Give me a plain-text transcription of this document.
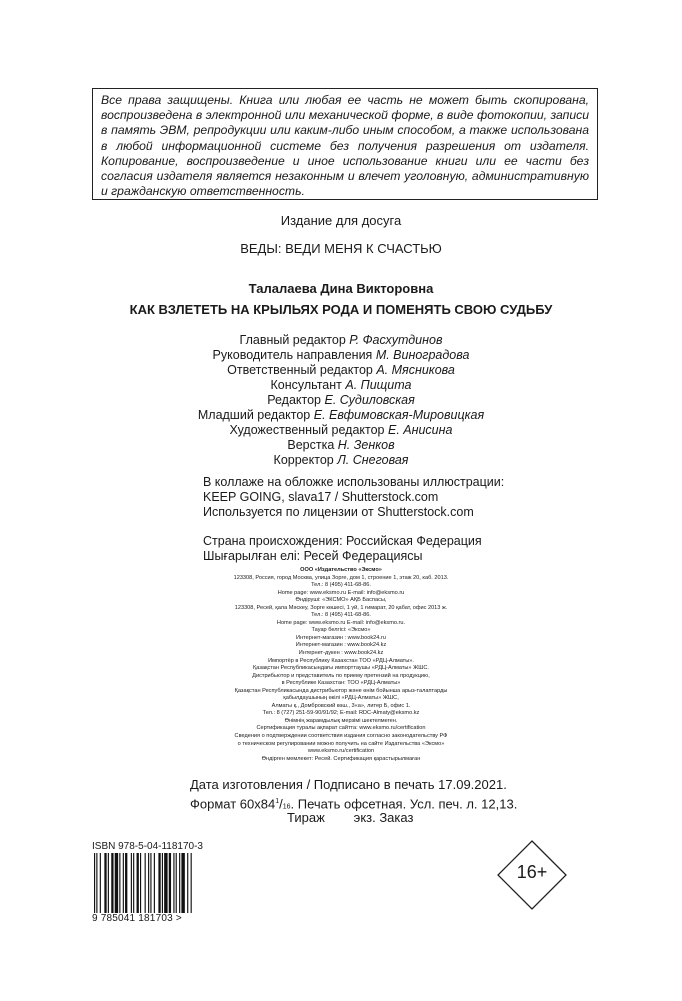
Все права защищены. Книга или любая ее часть не может быть скопирована, воспроизведена в электронной или механической форме, в виде фотокопии, записи в память ЭВМ, репродукции или каким-либо иным способом, а также использована в любой информационной системе без получения разрешения от издателя. Копирование, воспроизведение и иное использование книги или ее части без согласия издателя является незаконным и влечет уголовную, административную и гражданскую ответственность.
Издание для досуга
ВЕДЫ: ВЕДИ МЕНЯ К СЧАСТЬЮ
Талалаева Дина Викторовна
КАК ВЗЛЕТЕТЬ НА КРЫЛЬЯХ РОДА И ПОМЕНЯТЬ СВОЮ СУДЬБУ
Главный редактор Р. Фасхутдинов
Руководитель направления М. Виноградова
Ответственный редактор А. Мясникова
Консультант А. Пищита
Редактор Е. Судиловская
Младший редактор Е. Евфимовская-Мировицкая
Художественный редактор Е. Анисина
Верстка Н. Зенков
Корректор Л. Снеговая
В коллаже на обложке использованы иллюстрации:
KEEP GOING, slava17 / Shutterstock.com
Используется по лицензии от Shutterstock.com
Страна происхождения: Российская Федерация
Шығарылған елі: Ресей Федерациясы
ООО «Издательство «Эксмо»
123308, Россия, город Москва, улица Зорге, дом 1, строение 1, этаж 20, каб. 2013.
Тел.: 8 (495) 411-68-86.
Home page: www.eksmo.ru E-mail: info@eksmo.ru
Өндіруші: «ЭКСМО» АҚБ Баспасы,
123308, Ресей, қала Мәскеу, Зорге көшесі, 1 үй, 1 ғимарат, 20 қабат, офис 2013 ж.
Тел.: 8 (495) 411-68-86.
Home page: www.eksmo.ru E-mail: info@eksmo.ru.
Тауар белгісі: «Эксмо»
Интернет-магазин : www.book24.ru
Интернет-магазин : www.book24.kz
Интернет-дүкен : www.book24.kz
Импортёр в Республику Казахстан ТОО «РДЦ-Алматы».
Қазақстан Республикасындағы импорттаушы «РДЦ-Алматы» ЖШС.
Дистрибьютор и представитель по приему претензий на продукцию,
в Республике Казахстан: ТОО «РДЦ-Алматы»
Қазақстан Республикасында дистрибьютор және өнім бойынша арыз-талаптарды
қабылдаушының өкілі «РДЦ-Алматы» ЖШС,
Алматы қ., Домбровский көш., 3«а», литер Б, офис 1.
Тел.: 8 (727) 251-59-90/91/92; E-mail: RDC-Almaty@eksmo.kz
Өнімнің жарамдылық мерзімі шектелмеген.
Сертификация туралы ақпарат сайтта: www.eksmo.ru/certification
Сведения о подтверждении соответствия издания согласно законодательству РФ
о техническом регулировании можно получить на сайте Издательства «Эксмо»
www.eksmo.ru/certification
Өндірген мемлекет: Ресей. Сертификация қарастырылмаған
Дата изготовления / Подписано в печать 17.09.2021.
Формат $60x84^1/16$. Печать офсетная. Усл. печ. л. 12,13.
Тираж        экз. Заказ
ISBN 978-5-04-118170-3
9 785041 181703 >
16+
